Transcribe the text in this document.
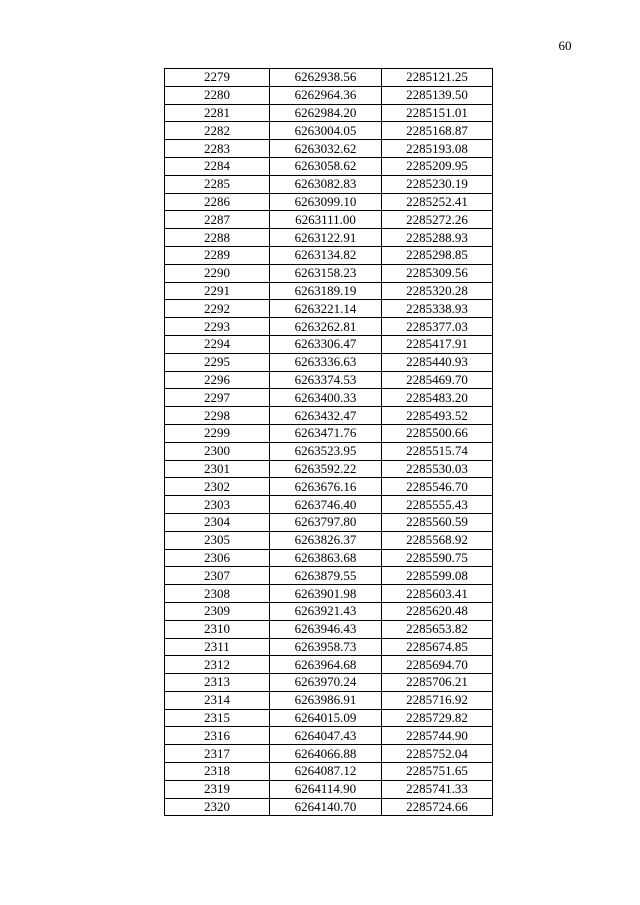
60
2279	6262938.56	2285121.25
2280	6262964.36	2285139.50
2281	6262984.20	2285151.01
2282	6263004.05	2285168.87
2283	6263032.62	2285193.08
2284	6263058.62	2285209.95
2285	6263082.83	2285230.19
2286	6263099.10	2285252.41
2287	6263111.00	2285272.26
2288	6263122.91	2285288.93
2289	6263134.82	2285298.85
2290	6263158.23	2285309.56
2291	6263189.19	2285320.28
2292	6263221.14	2285338.93
2293	6263262.81	2285377.03
2294	6263306.47	2285417.91
2295	6263336.63	2285440.93
2296	6263374.53	2285469.70
2297	6263400.33	2285483.20
2298	6263432.47	2285493.52
2299	6263471.76	2285500.66
2300	6263523.95	2285515.74
2301	6263592.22	2285530.03
2302	6263676.16	2285546.70
2303	6263746.40	2285555.43
2304	6263797.80	2285560.59
2305	6263826.37	2285568.92
2306	6263863.68	2285590.75
2307	6263879.55	2285599.08
2308	6263901.98	2285603.41
2309	6263921.43	2285620.48
2310	6263946.43	2285653.82
2311	6263958.73	2285674.85
2312	6263964.68	2285694.70
2313	6263970.24	2285706.21
2314	6263986.91	2285716.92
2315	6264015.09	2285729.82
2316	6264047.43	2285744.90
2317	6264066.88	2285752.04
2318	6264087.12	2285751.65
2319	6264114.90	2285741.33
2320	6264140.70	2285724.66
